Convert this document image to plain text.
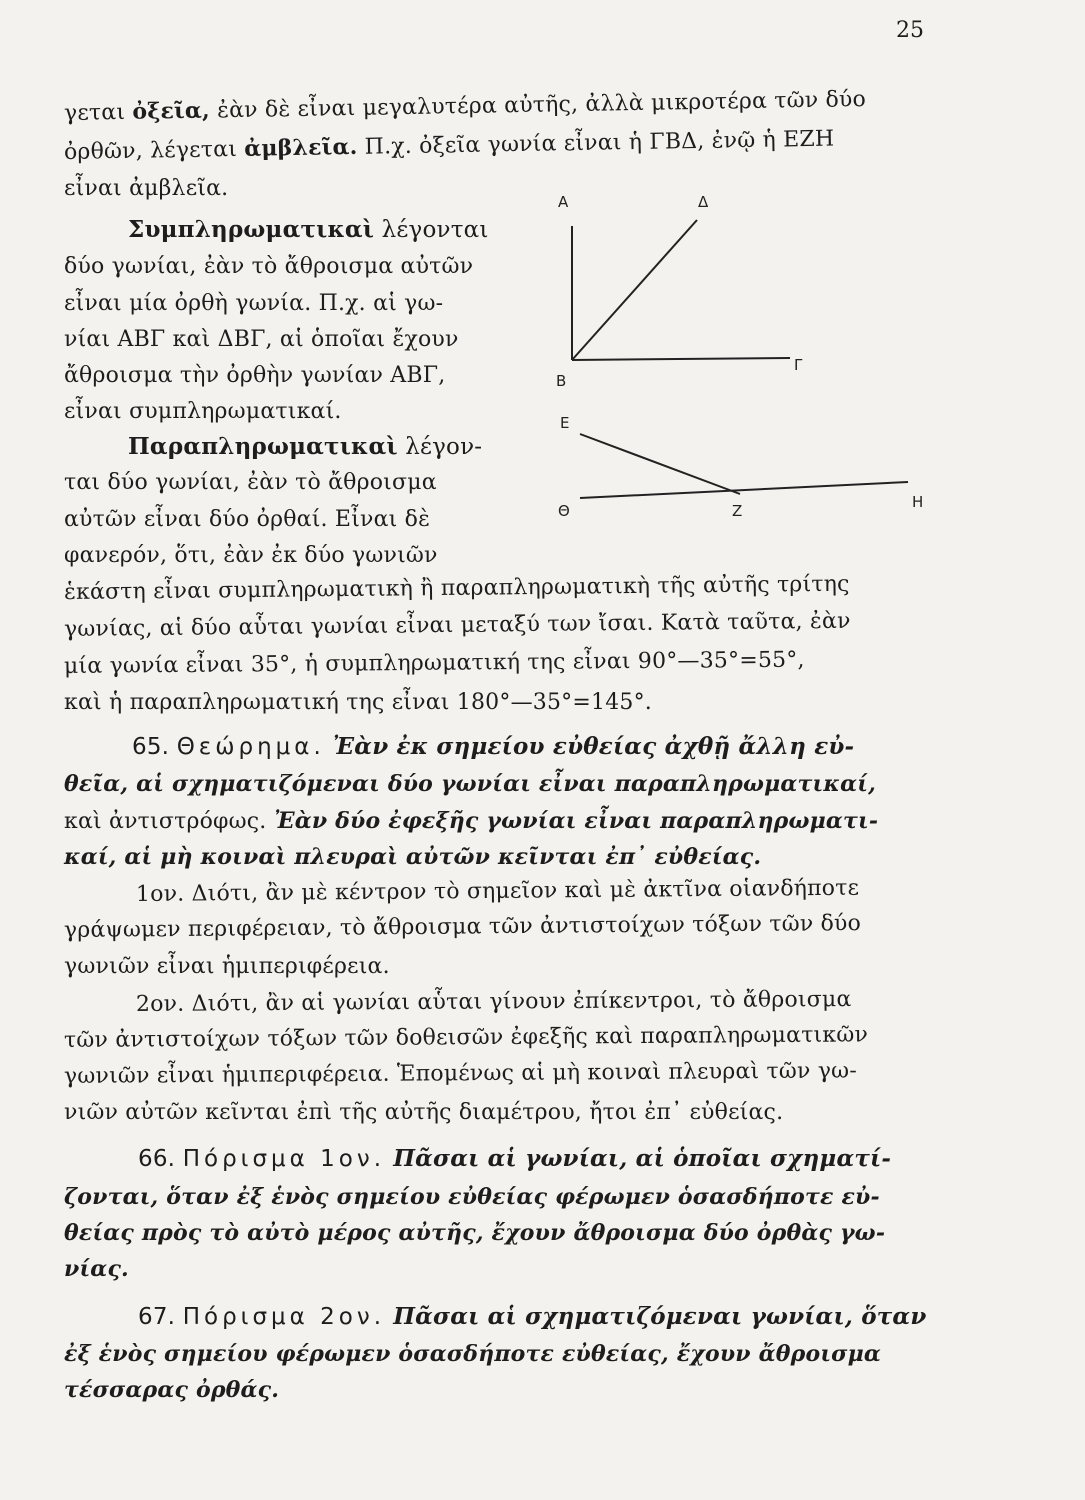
25
γεται ὀξεῖα, ἐὰν δὲ εἶναι μεγαλυτέρα αὐτῆς, ἀλλὰ μικροτέρα τῶν δύο
ὀρθῶν, λέγεται ἀμβλεῖα. Π.χ. ὀξεῖα γωνία εἶναι ἡ ΓΒΔ, ἐνῷ ἡ ΕΖΗ
εἶναι ἀμβλεῖα.
Συμπληρωματικαὶ λέγονται
δύο γωνίαι, ἐὰν τὸ ἄθροισμα αὐτῶν
εἶναι μία ὀρθὴ γωνία. Π.χ. αἱ γω-
νίαι ΑΒΓ καὶ ΔΒΓ, αἱ ὁποῖαι ἔχουν
ἄθροισμα τὴν ὀρθὴν γωνίαν ΑΒΓ,
εἶναι συμπληρωματικαί.
Παραπληρωματικαὶ λέγον-
ται δύο γωνίαι, ἐὰν τὸ ἄθροισμα
αὐτῶν εἶναι δύο ὀρθαί. Εἶναι δὲ
φανερόν, ὅτι, ἐὰν ἐκ δύο γωνιῶν
ἑκάστη εἶναι συμπληρωματικὴ ἢ παραπληρωματικὴ τῆς αὐτῆς τρίτης
γωνίας, αἱ δύο αὗται γωνίαι εἶναι μεταξύ των ἴσαι. Κατὰ ταῦτα, ἐὰν
μία γωνία εἶναι 35°, ἡ συμπληρωματική της εἶναι 90°—35°=55°,
καὶ ἡ παραπληρωματική της εἶναι 180°—35°=145°.
Α	Δ
Β
Γ
Ε
Θ	Ζ	Η
65. Θεώρημα. Ἐὰν ἐκ σημείου εὐθείας ἀχθῇ ἄλλη εὐ-
θεῖα, αἱ σχηματιζόμεναι δύο γωνίαι εἶναι παραπληρωματικαί,
καὶ ἀντιστρόφως. Ἐὰν δύο ἐφεξῆς γωνίαι εἶναι παραπληρωματι-
καί, αἱ μὴ κοιναὶ πλευραὶ αὐτῶν κεῖνται ἐπ᾿ εὐθείας.
1ον. Διότι, ἂν μὲ κέντρον τὸ σημεῖον καὶ μὲ ἀκτῖνα οἱανδήποτε
γράψωμεν περιφέρειαν, τὸ ἄθροισμα τῶν ἀντιστοίχων τόξων τῶν δύο
γωνιῶν εἶναι ἡμιπεριφέρεια.
2ον. Διότι, ἂν αἱ γωνίαι αὗται γίνουν ἐπίκεντροι, τὸ ἄθροισμα
τῶν ἀντιστοίχων τόξων τῶν δοθεισῶν ἐφεξῆς καὶ παραπληρωματικῶν
γωνιῶν εἶναι ἡμιπεριφέρεια. Ἑπομένως αἱ μὴ κοιναὶ πλευραὶ τῶν γω-
νιῶν αὐτῶν κεῖνται ἐπὶ τῆς αὐτῆς διαμέτρου, ἤτοι ἐπ᾿ εὐθείας.
66. Πόρισμα 1ον. Πᾶσαι αἱ γωνίαι, αἱ ὁποῖαι σχηματί-
ζονται, ὅταν ἐξ ἑνὸς σημείου εὐθείας φέρωμεν ὁσασδήποτε εὐ-
θείας πρὸς τὸ αὐτὸ μέρος αὐτῆς, ἔχουν ἄθροισμα δύο ὀρθὰς γω-
νίας.
67. Πόρισμα 2ον. Πᾶσαι αἱ σχηματιζόμεναι γωνίαι, ὅταν
ἐξ ἑνὸς σημείου φέρωμεν ὁσασδήποτε εὐθείας, ἔχουν ἄθροισμα
τέσσαρας ὀρθάς.
